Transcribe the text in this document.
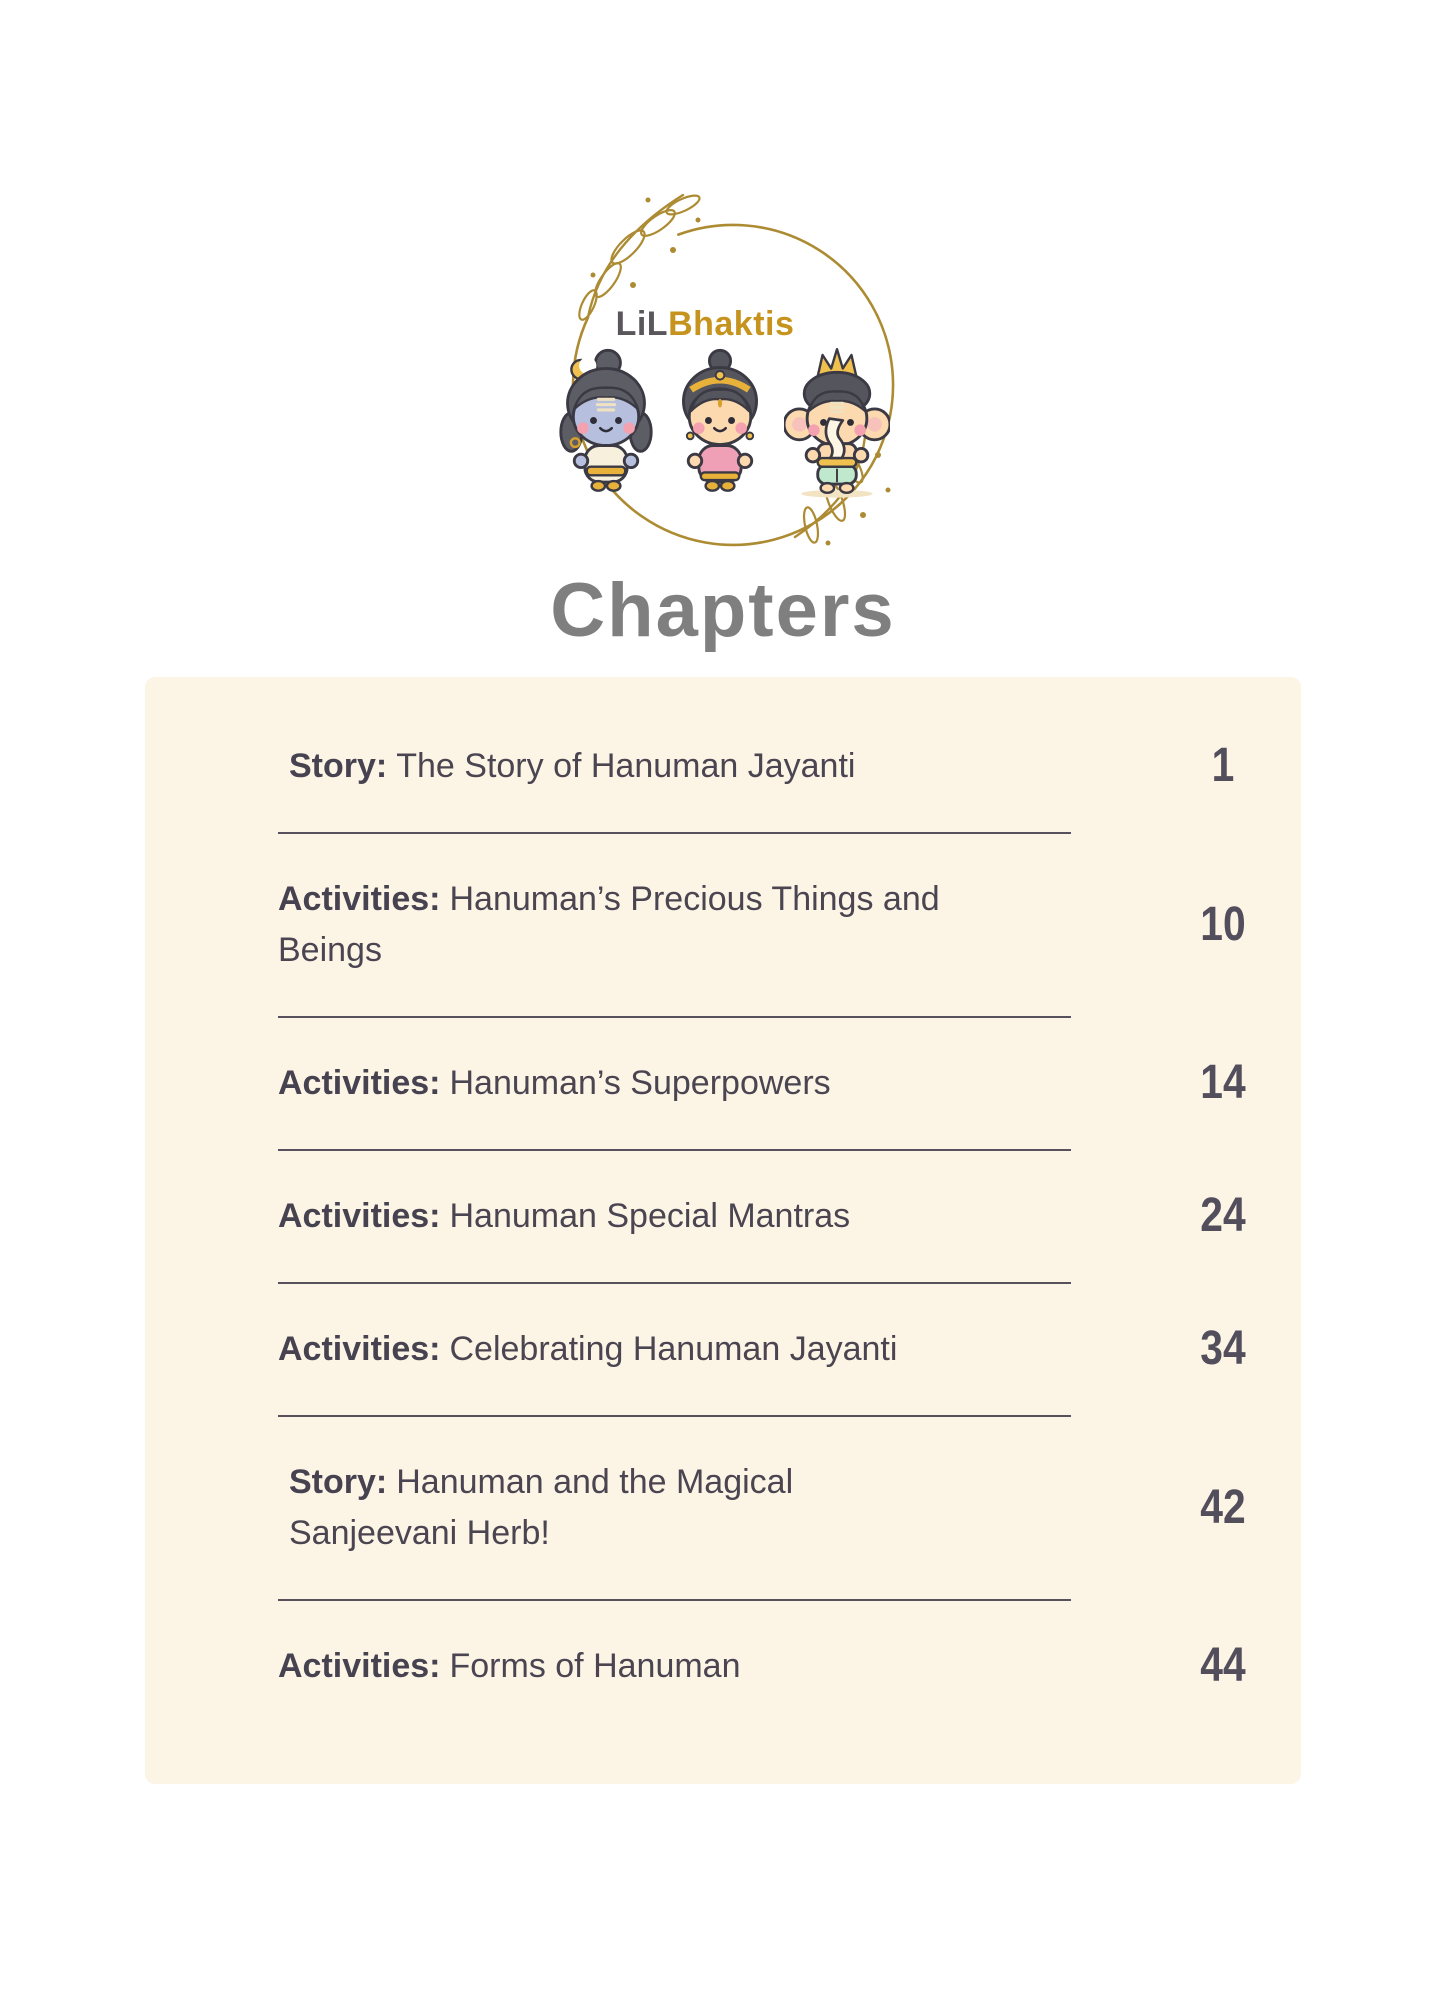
LiLBhaktis
Chapters

Story: The Story of Hanuman Jayanti	1

Activities: Hanuman’s Precious Things and
Beings	10

Activities: Hanuman’s Superpowers	14

Activities: Hanuman Special Mantras	24

Activities: Celebrating Hanuman Jayanti	34

Story: Hanuman and the Magical
Sanjeevani Herb!	42

Activities: Forms of Hanuman	44
